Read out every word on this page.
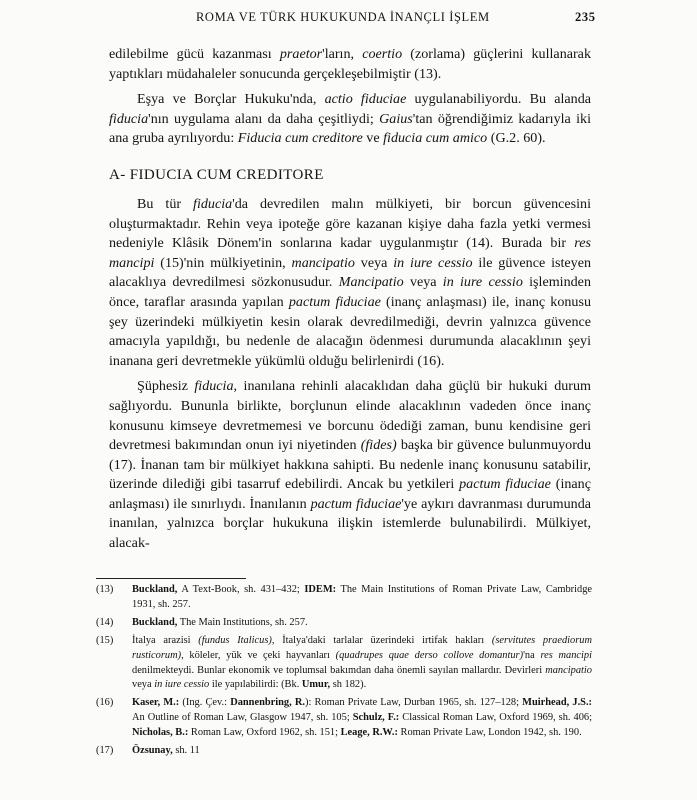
ROMA VE TÜRK HUKUKUNDA İNANÇLI İŞLEM	235

edilebilme gücü kazanması praetor'ların, coertio (zorlama) güçlerini kullanarak yaptıkları müdahaleler sonucunda gerçekleşebilmiştir (13).

Eşya ve Borçlar Hukuku'nda, actio fiduciae uygulanabiliyordu. Bu alanda fiducia'nın uygulama alanı da daha çeşitliydi; Gaius'tan öğrendiğimiz kadarıyla iki ana gruba ayrılıyordu: Fiducia cum creditore ve fiducia cum amico (G.2. 60).

A- FIDUCIA CUM CREDITORE

Bu tür fiducia'da devredilen malın mülkiyeti, bir borcun güvencesini oluşturmaktadır. Rehin veya ipoteğe göre kazanan kişiye daha fazla yetki vermesi nedeniyle Klâsik Dönem'in sonlarına kadar uygulanmıştır (14). Burada bir res mancipi (15)'nin mülkiyetinin, mancipatio veya in iure cessio ile güvence isteyen alacaklıya devredilmesi sözkonusudur. Mancipatio veya in iure cessio işleminden önce, taraflar arasında yapılan pactum fiduciae (inanç anlaşması) ile, inanç konusu şey üzerindeki mülkiyetin kesin olarak devredilmediği, devrin yalnızca güvence amacıyla yapıldığı, bu nedenle de alacağın ödenmesi durumunda alacaklının şeyi inanana geri devretmekle yükümlü olduğu belirlenirdi (16).

Şüphesiz fiducia, inanılana rehinli alacaklıdan daha güçlü bir hukuki durum sağlıyordu. Bununla birlikte, borçlunun elinde alacaklının vadeden önce inanç konusunu kimseye devretmemesi ve borcunu ödediği zaman, bunu kendisine geri devretmesi bakımından onun iyi niyetinden (fides) başka bir güvence bulunmuyordu (17). İnanan tam bir mülkiyet hakkına sahipti. Bu nedenle inanç konusunu satabilir, üzerinde dilediği gibi tasarruf edebilirdi. Ancak bu yetkileri pactum fiduciae (inanç anlaşması) ile sınırlıydı. İnanılanın pactum fiduciae'ye aykırı davranması durumunda inanılan, yalnızca borçlar hukukuna ilişkin istemlerde bulunabilirdi. Mülkiyet, alacak-

(13) Buckland, A Text-Book, sh. 431–432; IDEM: The Main Institutions of Roman Private Law, Cambridge 1931, sh. 257.
(14) Buckland, The Main Institutions, sh. 257.
(15) İtalya arazisi (fundus Italicus), İtalya'daki tarlalar üzerindeki irtifak hakları (servitutes praediorum rusticorum), köleler, yük ve çeki hayvanları (quadrupes quae derso collove domantur)'na res mancipi denilmekteydi. Bunlar ekonomik ve toplumsal bakımdan daha önemli sayılan mallardır. Devirleri mancipatio veya in iure cessio ile yapılabilirdi: (Bk. Umur, sh 182).
(16) Kaser, M.: (Ing. Çev.: Dannenbring, R.): Roman Private Law, Durban 1965, sh. 127–128; Muirhead, J.S.: An Outline of Roman Law, Glasgow 1947, sh. 105; Schulz, F.: Classical Roman Law, Oxford 1969, sh. 406; Nicholas, B.: Roman Law, Oxford 1962, sh. 151; Leage, R.W.: Roman Private Law, London 1942, sh. 190.
(17) Özsunay, sh. 11
